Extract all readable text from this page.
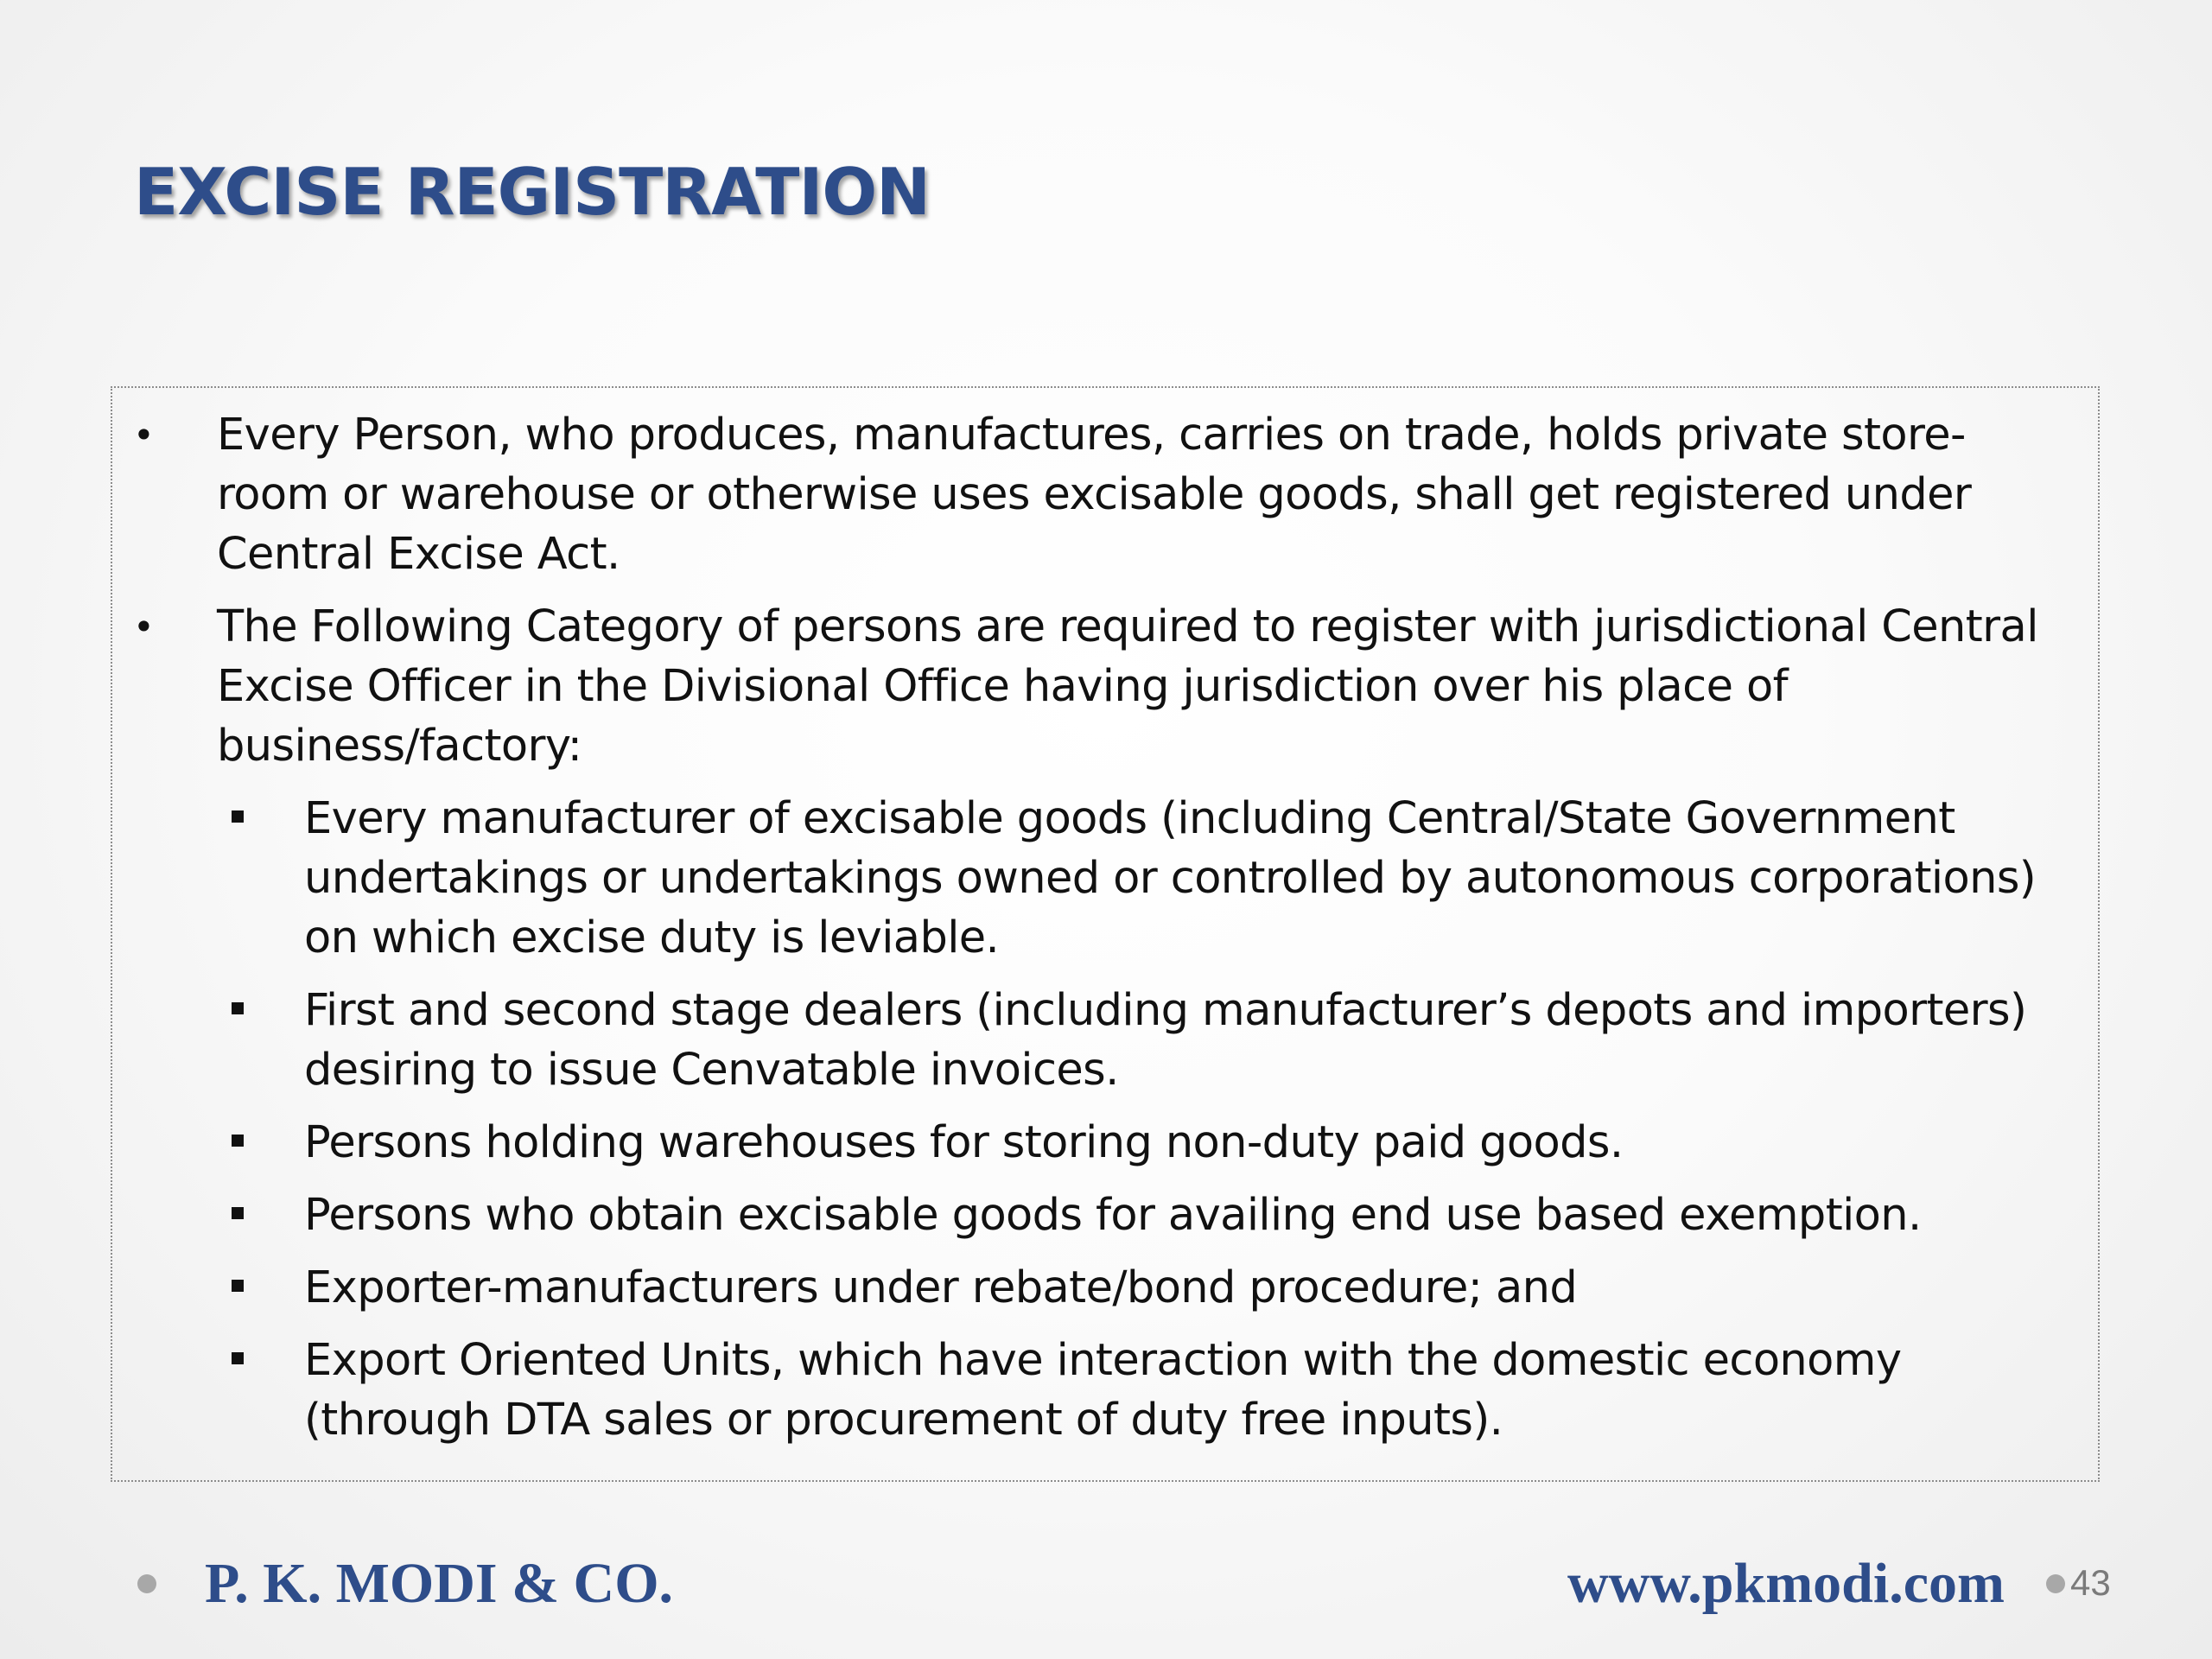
EXCISE REGISTRATION
• Every Person, who produces, manufactures, carries on trade, holds private store-room or warehouse or otherwise uses excisable goods, shall get registered under Central Excise Act.
• The Following Category of persons are required to register with jurisdictional Central Excise Officer in the Divisional Office having jurisdiction over his place of business/factory:
Every manufacturer of excisable goods (including Central/State Government undertakings or undertakings owned or controlled by autonomous corporations) on which excise duty is leviable.
First and second stage dealers (including manufacturer’s depots and importers) desiring to issue Cenvatable invoices.
Persons holding warehouses for storing non-duty paid goods.
Persons who obtain excisable goods for availing end use based exemption.
Exporter-manufacturers under rebate/bond procedure; and
Export Oriented Units, which have interaction with the domestic economy (through DTA sales or procurement of duty free inputs).
P. K. MODI & CO.	www.pkmodi.com 43
